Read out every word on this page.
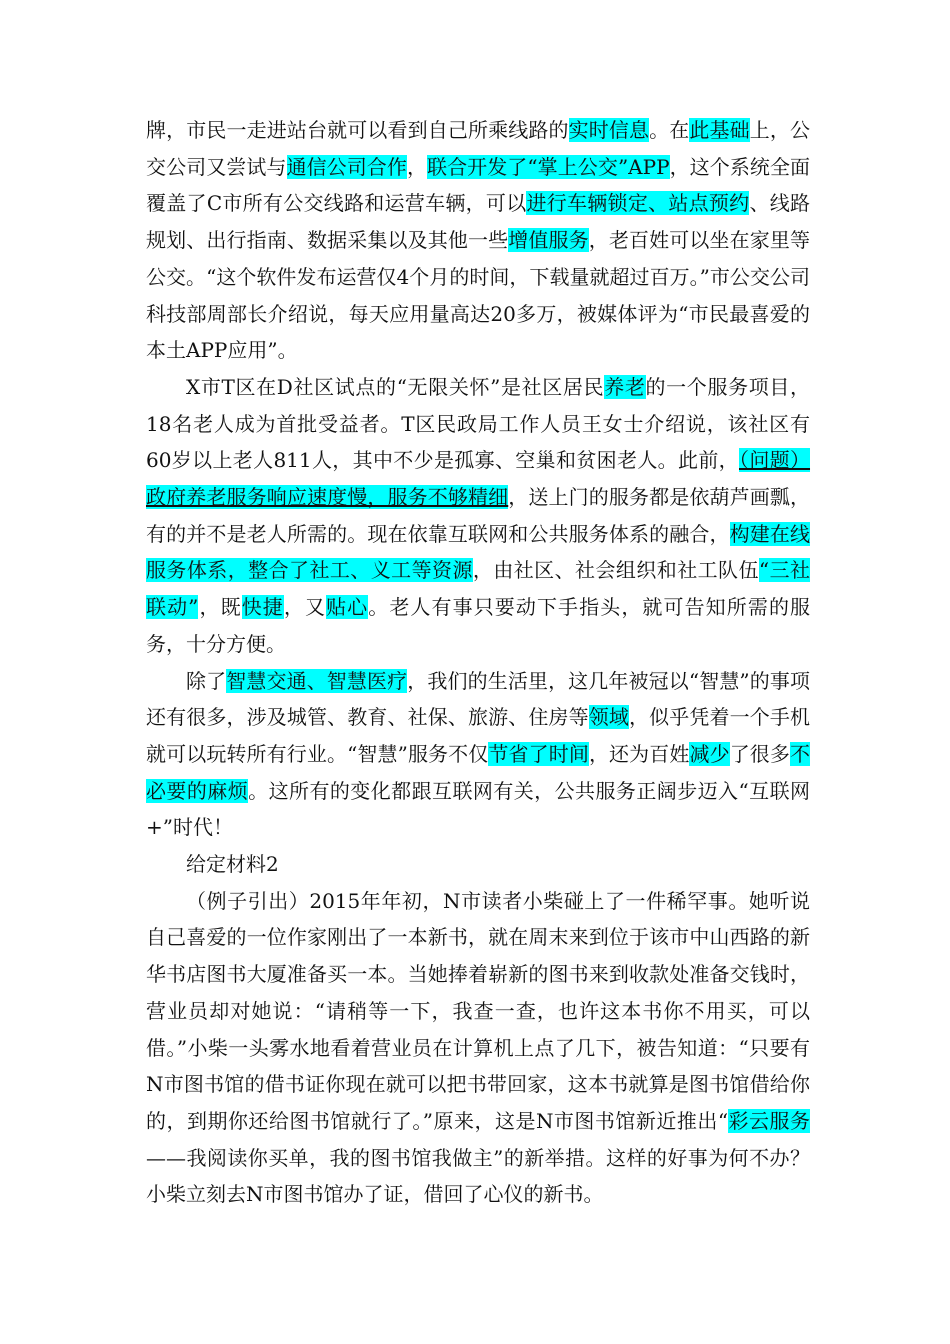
牌，市民一走进站台就可以看到自己所乘线路的实时信息。在此基础上，公交公司又尝试与通信公司合作，联合开发了“掌上公交”APP，这个系统全面覆盖了C市所有公交线路和运营车辆，可以进行车辆锁定、站点预约、线路规划、出行指南、数据采集以及其他一些增值服务，老百姓可以坐在家里等公交。“这个软件发布运营仅4个月的时间，下载量就超过百万。”市公交公司科技部周部长介绍说，每天应用量高达20多万，被媒体评为“市民最喜爱的本土APP应用”。

X市T区在D社区试点的“无限关怀”是社区居民养老的一个服务项目，18名老人成为首批受益者。T区民政局工作人员王女士介绍说，该社区有60岁以上老人811人，其中不少是孤寡、空巢和贫困老人。此前，（问题）政府养老服务响应速度慢，服务不够精细，送上门的服务都是依葫芦画瓢，有的并不是老人所需的。现在依靠互联网和公共服务体系的融合，构建在线服务体系，整合了社工、义工等资源，由社区、社会组织和社工队伍“三社联动”，既快捷，又贴心。老人有事只要动下手指头，就可告知所需的服务，十分方便。

除了智慧交通、智慧医疗，我们的生活里，这几年被冠以“智慧”的事项还有很多，涉及城管、教育、社保、旅游、住房等领域，似乎凭着一个手机就可以玩转所有行业。“智慧”服务不仅节省了时间，还为百姓减少了很多不必要的麻烦。这所有的变化都跟互联网有关，公共服务正阔步迈入“互联网+”时代！

给定材料2

（例子引出）2015年年初，N市读者小柴碰上了一件稀罕事。她听说自己喜爱的一位作家刚出了一本新书，就在周末来到位于该市中山西路的新华书店图书大厦准备买一本。当她捧着崭新的图书来到收款处准备交钱时，营业员却对她说：“请稍等一下，我查一查，也许这本书你不用买，可以借。”小柴一头雾水地看着营业员在计算机上点了几下，被告知道：“只要有N市图书馆的借书证你现在就可以把书带回家，这本书就算是图书馆借给你的，到期你还给图书馆就行了。”原来，这是N市图书馆新近推出“彩云服务——我阅读你买单，我的图书馆我做主”的新举措。这样的好事为何不办？小柴立刻去N市图书馆办了证，借回了心仪的新书。
